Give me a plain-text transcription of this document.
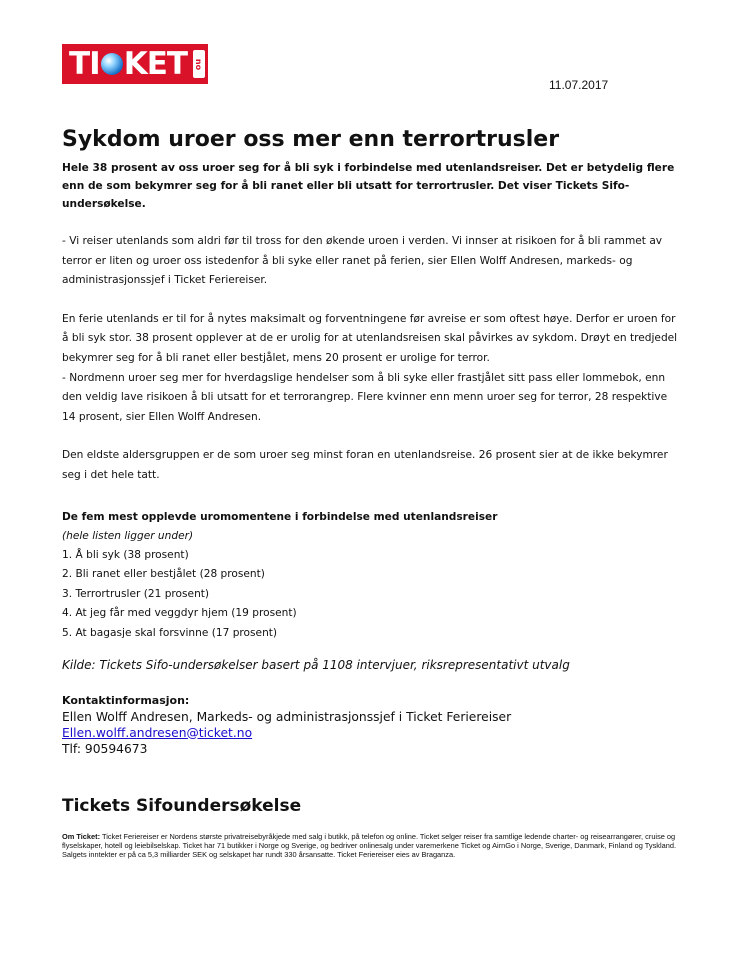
TI KET no
11.07.2017
Sykdom uroer oss mer enn terrortrusler

Hele 38 prosent av oss uroer seg for å bli syk i forbindelse med utenlandsreiser. Det er betydelig flere enn de som bekymrer seg for å bli ranet eller bli utsatt for terrortrusler. Det viser Tickets Sifo-undersøkelse.

- Vi reiser utenlands som aldri før til tross for den økende uroen i verden. Vi innser at risikoen for å bli rammet av terror er liten og uroer oss istedenfor å bli syke eller ranet på ferien, sier Ellen Wolff Andresen, markeds- og administrasjonssjef i Ticket Feriereiser.

En ferie utenlands er til for å nytes maksimalt og forventningene før avreise er som oftest høye. Derfor er uroen for å bli syk stor. 38 prosent opplever at de er urolig for at utenlandsreisen skal påvirkes av sykdom. Drøyt en tredjedel bekymrer seg for å bli ranet eller bestjålet, mens 20 prosent er urolige for terror.

- Nordmenn uroer seg mer for hverdagslige hendelser som å bli syke eller frastjålet sitt pass eller lommebok, enn den veldig lave risikoen å bli utsatt for et terrorangrep. Flere kvinner enn menn uroer seg for terror, 28 respektive 14 prosent, sier Ellen Wolff Andresen.

Den eldste aldersgruppen er de som uroer seg minst foran en utenlandsreise. 26 prosent sier at de ikke bekymrer seg i det hele tatt.

De fem mest opplevde uromomentene i forbindelse med utenlandsreiser

(hele listen ligger under)

1. Å bli syk (38 prosent)
2. Bli ranet eller bestjålet (28 prosent)
3. Terrortrusler (21 prosent)
4. At jeg får med veggdyr hjem (19 prosent)
5. At bagasje skal forsvinne (17 prosent)

Kilde: Tickets Sifo-undersøkelser basert på 1108 intervjuer, riksrepresentativt utvalg

Kontaktinformasjon:

Ellen Wolff Andresen, Markeds- og administrasjonssjef i Ticket Feriereiser

Ellen.wolff.andresen@ticket.no

Tlf: 90594673

Tickets Sifoundersøkelse

Om Ticket: Ticket Feriereiser er Nordens største privatreisebyråkjede med salg i butikk, på telefon og online. Ticket selger reiser fra samtlige ledende charter- og reisearrangører, cruise og flyselskaper, hotell og leiebilselskap. Ticket har 71 butikker i Norge og Sverige, og bedriver onlinesalg under varemerkene Ticket og AirnGo i Norge, Sverige, Danmark, Finland og Tyskland. Salgets inntekter er på ca 5,3 milliarder SEK og selskapet har rundt 330 årsansatte. Ticket Feriereiser eies av Braganza.
